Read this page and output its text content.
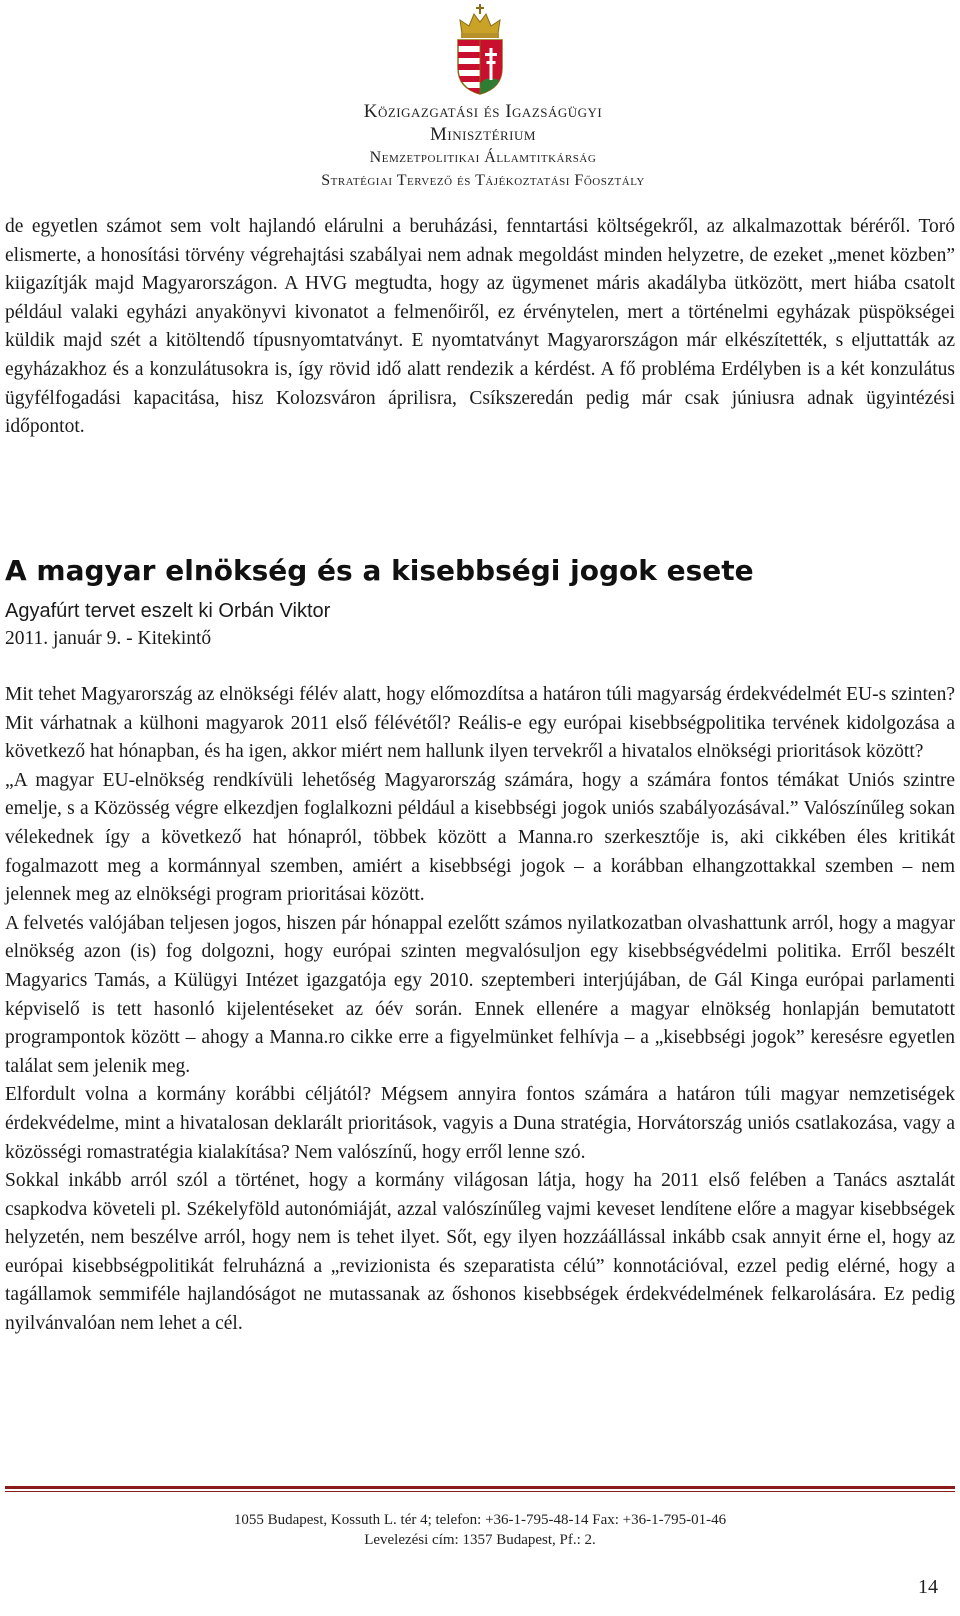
Közigazgatási és Igazságügyi
Minisztérium
Nemzetpolitikai Államtitkárság
Stratégiai Tervező és Tájékoztatási Főosztály

de egyetlen számot sem volt hajlandó elárulni a beruházási, fenntartási költségekről, az alkalmazottak béréről. Toró elismerte, a honosítási törvény végrehajtási szabályai nem adnak megoldást minden helyzetre, de ezeket „menet közben” kiigazítják majd Magyarországon. A HVG megtudta, hogy az ügymenet máris akadályba ütközött, mert hiába csatolt például valaki egyházi anyakönyvi kivonatot a felmenőiről, ez érvénytelen, mert a történelmi egyházak püspökségei küldik majd szét a kitöltendő típusnyomtatványt. E nyomtatványt Magyarországon már elkészítették, s eljuttatták az egyházakhoz és a konzulátusokra is, így rövid idő alatt rendezik a kérdést. A fő probléma Erdélyben is a két konzulátus ügyfélfogadási kapacitása, hisz Kolozsváron áprilisra, Csíkszeredán pedig már csak júniusra adnak ügyintézési időpontot.

A magyar elnökség és a kisebbségi jogok esete

Agyafúrt tervet eszelt ki Orbán Viktor

2011. január 9. - Kitekintő

Mit tehet Magyarország az elnökségi félév alatt, hogy előmozdítsa a határon túli magyarság érdekvédelmét EU-s szinten? Mit várhatnak a külhoni magyarok 2011 első félévétől? Reális-e egy európai kisebbségpolitika tervének kidolgozása a következő hat hónapban, és ha igen, akkor miért nem hallunk ilyen tervekről a hivatalos elnökségi prioritások között?

„A magyar EU-elnökség rendkívüli lehetőség Magyarország számára, hogy a számára fontos témákat Uniós szintre emelje, s a Közösség végre elkezdjen foglalkozni például a kisebbségi jogok uniós szabályozásával.” Valószínűleg sokan vélekednek így a következő hat hónapról, többek között a Manna.ro szerkesztője is, aki cikkében éles kritikát fogalmazott meg a kormánnyal szemben, amiért a kisebbségi jogok – a korábban elhangzottakkal szemben – nem jelennek meg az elnökségi program prioritásai között.

A felvetés valójában teljesen jogos, hiszen pár hónappal ezelőtt számos nyilatkozatban olvashattunk arról, hogy a magyar elnökség azon (is) fog dolgozni, hogy európai szinten megvalósuljon egy kisebbségvédelmi politika. Erről beszélt Magyarics Tamás, a Külügyi Intézet igazgatója egy 2010. szeptemberi interjújában, de Gál Kinga európai parlamenti képviselő is tett hasonló kijelentéseket az óév során. Ennek ellenére a magyar elnökség honlapján bemutatott programpontok között – ahogy a Manna.ro cikke erre a figyelmünket felhívja – a „kisebbségi jogok” keresésre egyetlen találat sem jelenik meg.

Elfordult volna a kormány korábbi céljától? Mégsem annyira fontos számára a határon túli magyar nemzetiségek érdekvédelme, mint a hivatalosan deklarált prioritások, vagyis a Duna stratégia, Horvátország uniós csatlakozása, vagy a közösségi romastratégia kialakítása? Nem valószínű, hogy erről lenne szó.

Sokkal inkább arról szól a történet, hogy a kormány világosan látja, hogy ha 2011 első felében a Tanács asztalát csapkodva követeli pl. Székelyföld autonómiáját, azzal valószínűleg vajmi keveset lendítene előre a magyar kisebbségek helyzetén, nem beszélve arról, hogy nem is tehet ilyet. Sőt, egy ilyen hozzáállással inkább csak annyit érne el, hogy az európai kisebbségpolitikát felruházná a „revizionista és szeparatista célú” konnotációval, ezzel pedig elérné, hogy a tagállamok semmiféle hajlandóságot ne mutassanak az őshonos kisebbségek érdekvédelmének felkarolására. Ez pedig nyilvánvalóan nem lehet a cél.

1055 Budapest, Kossuth L. tér 4; telefon: +36-1-795-48-14 Fax: +36-1-795-01-46
Levelezési cím: 1357 Budapest, Pf.: 2.
14
